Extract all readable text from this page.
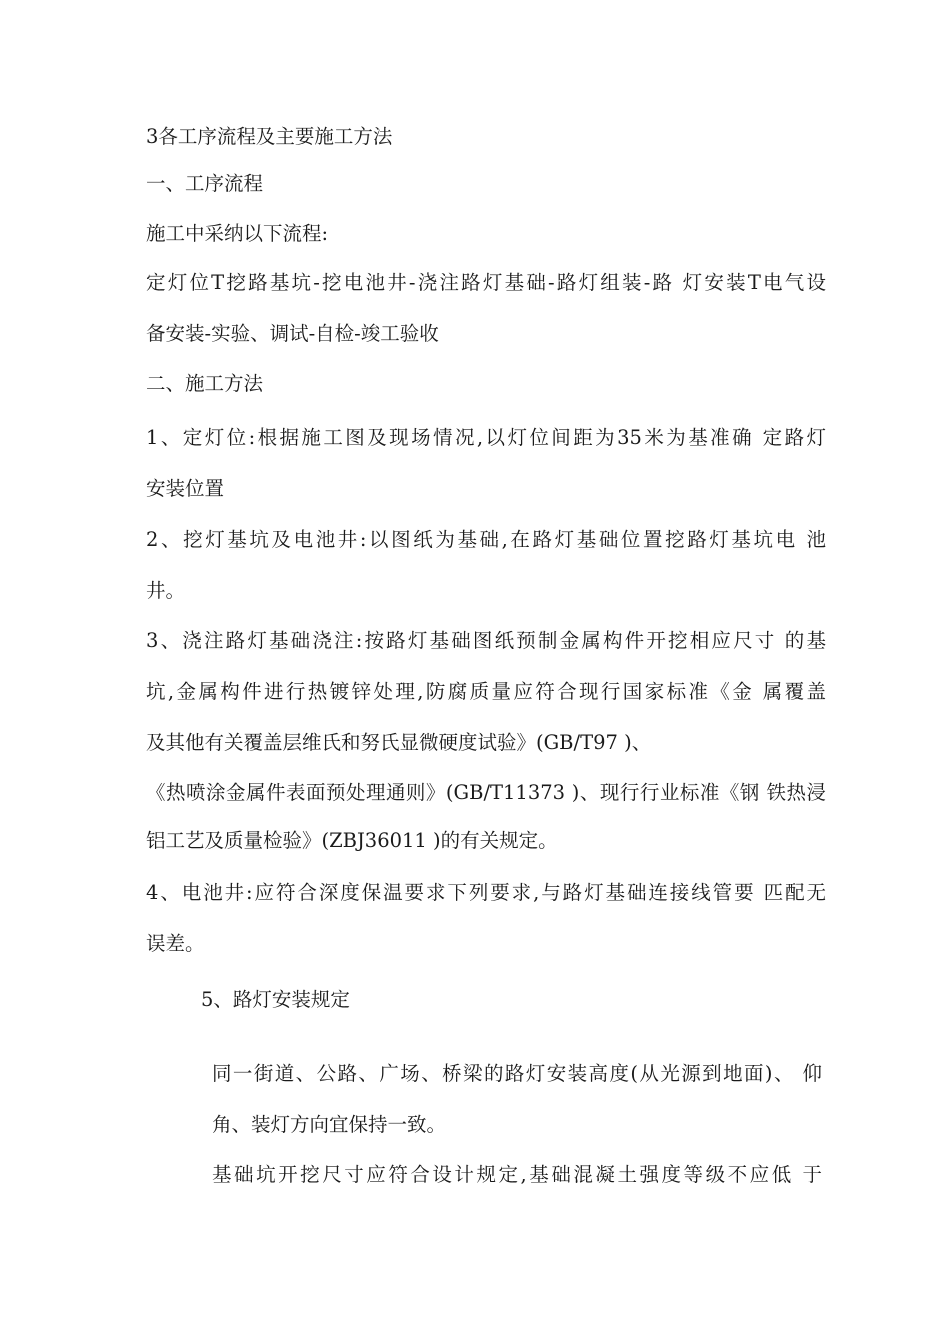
3各工序流程及主要施工方法
一、工序流程
施工中采纳以下流程:
定灯位T挖路基坑-挖电池井-浇注路灯基础-路灯组装-路 灯安装T电气设
备安装-实验、调试-自检-竣工验收
二、施工方法
1、定灯位:根据施工图及现场情况,以灯位间距为35米为基准确 定路灯
安装位置
2、挖灯基坑及电池井:以图纸为基础,在路灯基础位置挖路灯基坑电 池
井。
3、浇注路灯基础浇注:按路灯基础图纸预制金属构件开挖相应尺寸 的基
坑,金属构件进行热镀锌处理,防腐质量应符合现行国家标准《金 属覆盖
及其他有关覆盖层维氏和努氏显微硬度试验》(GB/T97 )、
《热喷涂金属件表面预处理通则》(GB/T11373 )、现行行业标准《钢 铁热浸
铝工艺及质量检验》(ZBJ36011 )的有关规定。
4、电池井:应符合深度保温要求下列要求,与路灯基础连接线管要 匹配无
误差。
5、路灯安装规定
同一街道、公路、广场、桥梁的路灯安装高度(从光源到地面)、 仰
角、装灯方向宜保持一致。
基础坑开挖尺寸应符合设计规定,基础混凝土强度等级不应低 于
